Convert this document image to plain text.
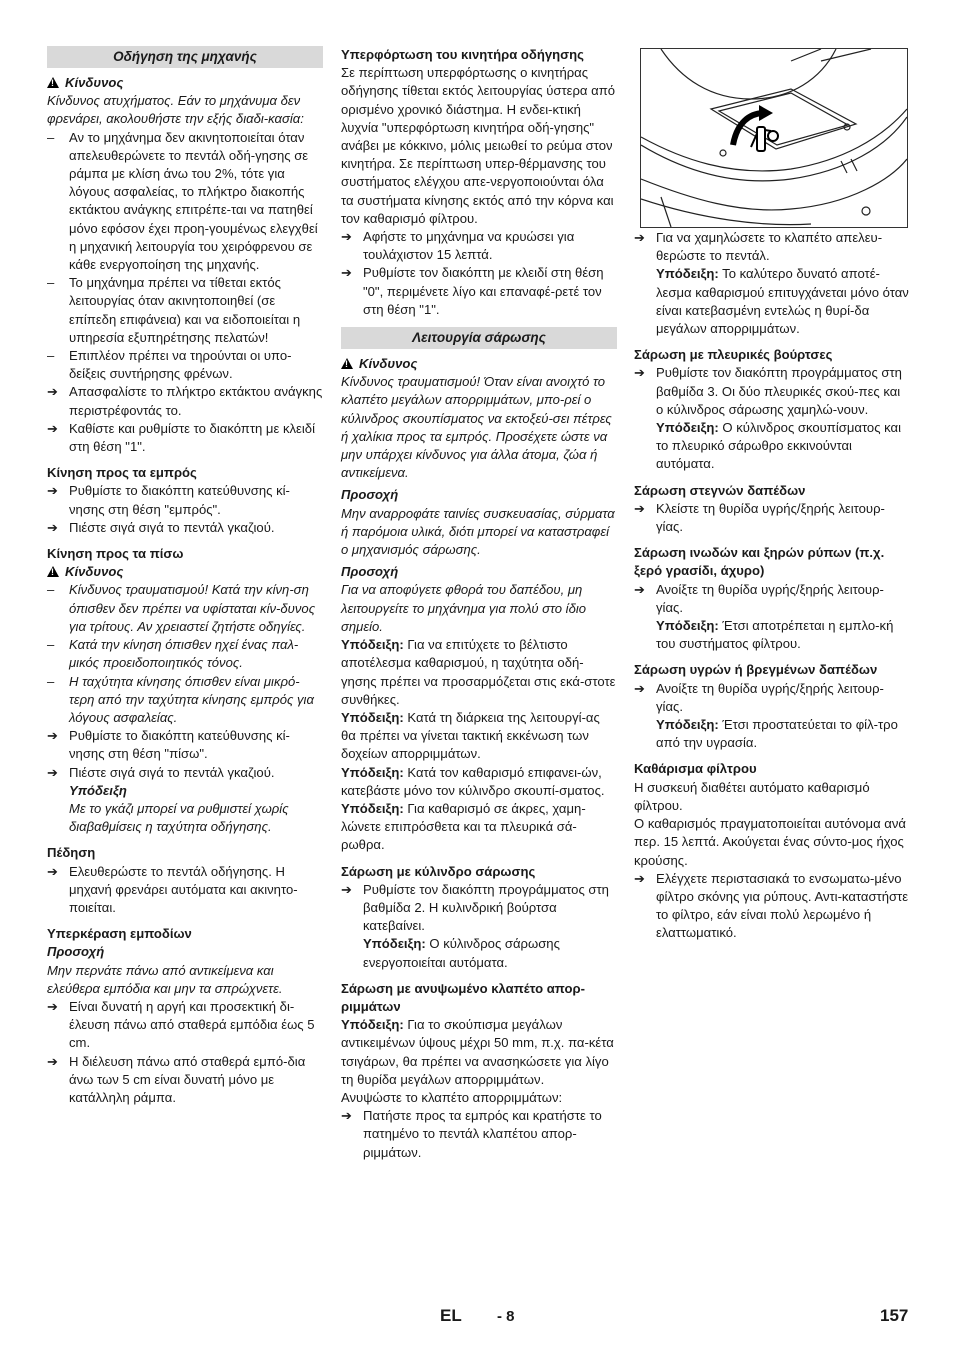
Οδήγηση της μηχανής
!Κίνδυνος
Κίνδυνος ατυχήματος. Εάν το μηχάνυμα δεν φρενάρει, ακολουθήστε την εξής διαδι-κασία:
–	Αν το μηχάνημα δεν ακινητοποιείται όταν απελευθερώνετε το πεντάλ οδή-γησης σε ράμπα με κλίση άνω του 2%, τότε για λόγους ασφαλείας, το πλήκτρο διακοπής εκτάκτου ανάγκης επιτρέπε-ται να πατηθεί μόνο εφόσον έχει προη-γουμένως ελεγχθεί η μηχανική λειτουργία του χειρόφρενου σε κάθε ενεργοποίηση της μηχανής.
–	Το μηχάνημα πρέπει να τίθεται εκτός λειτουργίας όταν ακινητοποιηθεί (σε επίπεδη επιφάνεια) και να ειδοποιείται η υπηρεσία εξυπηρέτησης πελατών!
–	Επιπλέον πρέπει να τηρούνται οι υπο-δείξεις συντήρησης φρένων.
➔ Απασφαλίστε το πλήκτρο εκτάκτου ανάγκης περιστρέφοντάς το.
➔ Καθίστε και ρυθμίστε το διακόπτη με κλειδί στη θέση "1".
Κίνηση προς τα εμπρός
➔ Ρυθμίστε το διακόπτη κατεύθυνσης κί-νησης στη θέση "εμπρός".
➔ Πιέστε σιγά σιγά το πεντάλ γκαζιού.
Κίνηση προς τα πίσω
!Κίνδυνος
–	Κίνδυνος τραυματισμού! Κατά την κίνη-ση όπισθεν δεν πρέπει να υφίσταται κίν-δυνος για τρίτους. Αν χρειαστεί ζητήστε οδηγίες.
–	Κατά την κίνηση όπισθεν ηχεί ένας παλ-μικός προειδοποιητικός τόνος.
–	Η ταχύτητα κίνησης όπισθεν είναι μικρό-τερη από την ταχύτητα κίνησης εμπρός για λόγους ασφαλείας.
➔ Ρυθμίστε το διακόπτη κατεύθυνσης κί-νησης στη θέση "πίσω".
➔ Πιέστε σιγά σιγά το πεντάλ γκαζιού.
Υπόδειξη
Με το γκάζι μπορεί να ρυθμιστεί χωρίς διαβαθμίσεις η ταχύτητα οδήγησης.
Πέδηση
➔ Ελευθερώστε το πεντάλ οδήγησης. Η μηχανή φρενάρει αυτόματα και ακινητο-ποιείται.
Υπερκέραση εμποδίων
Προσοχή
Μην περνάτε πάνω από αντικείμενα και ελεύθερα εμπόδια και μην τα σπρώχνετε.
➔ Είναι δυνατή η αργή και προσεκτική δι-έλευση πάνω από σταθερά εμπόδια έως 5 cm.
➔ Η διέλευση πάνω από σταθερά εμπό-δια άνω των 5 cm είναι δυνατή μόνο με κατάλληλη ράμπα.
Υπερφόρτωση του κινητήρα οδήγησης
Σε περίπτωση υπερφόρτωσης ο κινητήρας οδήγησης τίθεται εκτός λειτουργίας ύστερα από ορισμένο χρονικό διάστημα. Η ενδει-κτική λυχνία "υπερφόρτωση κινητήρα οδή-γησης" ανάβει με κόκκινο, μόλις μειωθεί το ρεύμα στον κινητήρα. Σε περίπτωση υπερ-θέρμανσης του συστήματος ελέγχου απε-νεργοποιούνται όλα τα συστήματα κίνησης εκτός από την κόρνα και τον καθαρισμό φίλτρου.
➔ Αφήστε το μηχάνημα να κρυώσει για τουλάχιστον 15 λεπτά.
➔ Ρυθμίστε τον διακόπτη με κλειδί στη θέση "0", περιμένετε λίγο και επαναφέ-ρετέ τον στη θέση "1".
Λειτουργία σάρωσης
!Κίνδυνος
Κίνδυνος τραυματισμού! Όταν είναι ανοιχτό το κλαπέτο μεγάλων απορριμμάτων, μπο-ρεί ο κύλινδρος σκουπίσματος να εκτοξεύ-σει πέτρες ή χαλίκια προς τα εμπρός. Προσέχετε ώστε να μην υπάρχει κίνδυνος για άλλα άτομα, ζώα ή αντικείμενα.
Προσοχή
Μην αναρροφάτε ταινίες συσκευασίας, σύρματα ή παρόμοια υλικά, διότι μπορεί να καταστραφεί ο μηχανισμός σάρωσης.
Προσοχή
Για να αποφύγετε φθορά του δαπέδου, μη λειτουργείτε το μηχάνημα για πολύ στο ίδιο σημείο.
Υπόδειξη: Για να επιτύχετε το βέλτιστο αποτέλεσμα καθαρισμού, η ταχύτητα οδή-γησης πρέπει να προσαρμόζεται στις εκά-στοτε συνθήκες.
Υπόδειξη: Κατά τη διάρκεια της λειτουργί-ας θα πρέπει να γίνεται τακτική εκκένωση των δοχείων απορριμμάτων.
Υπόδειξη: Κατά τον καθαρισμό επιφανει-ών, κατεβάστε μόνο τον κύλινδρο σκουπί-σματος.
Υπόδειξη: Για καθαρισμό σε άκρες, χαμη-λώνετε επιπρόσθετα και τα πλευρικά σά-ρωθρα.
Σάρωση με κύλινδρο σάρωσης
➔ Ρυθμίστε τον διακόπτη προγράμματος στη βαθμίδα 2. Η κυλινδρική βούρτσα κατεβαίνει.
Υπόδειξη: Ο κύλινδρος σάρωσης ενεργοποιείται αυτόματα.
Σάρωση με ανυψωμένο κλαπέτο απορ-ριμμάτων
Υπόδειξη: Για το σκούπισμα μεγάλων αντικειμένων ύψους μέχρι 50 mm, π.χ. πα-κέτα τσιγάρων, θα πρέπει να ανασηκώσετε για λίγο τη θυρίδα μεγάλων απορριμμάτων.
Ανυψώστε το κλαπέτο απορριμμάτων:
➔ Πατήστε προς τα εμπρός και κρατήστε το πατημένο το πεντάλ κλαπέτου απορ-ριμμάτων.
➔ Για να χαμηλώσετε το κλαπέτο απελευ-θερώστε το πεντάλ.
Υπόδειξη: Το καλύτερο δυνατό αποτέ-λεσμα καθαρισμού επιτυγχάνεται μόνο όταν είναι κατεβασμένη εντελώς η θυρί-δα μεγάλων απορριμμάτων.
Σάρωση με πλευρικές βούρτσες
➔ Ρυθμίστε τον διακόπτη προγράμματος στη βαθμίδα 3. Οι δύο πλευρικές σκού-πες και ο κύλινδρος σάρωσης χαμηλώ-νουν.
Υπόδειξη: Ο κύλινδρος σκουπίσματος και το πλευρικό σάρωθρο εκκινούνται αυτόματα.
Σάρωση στεγνών δαπέδων
➔ Κλείστε τη θυρίδα υγρής/ξηρής λειτουρ-γίας.
Σάρωση ινωδών και ξηρών ρύπων (π.χ. ξερό γρασίδι, άχυρο)
➔ Ανοίξτε τη θυρίδα υγρής/ξηρής λειτουρ-γίας.
Υπόδειξη: Έτσι αποτρέπεται η εμπλο-κή του συστήματος φίλτρου.
Σάρωση υγρών ή βρεγμένων δαπέδων
➔ Ανοίξτε τη θυρίδα υγρής/ξηρής λειτουρ-γίας.
Υπόδειξη: Έτσι προστατεύεται το φίλ-τρο από την υγρασία.
Καθάρισμα φίλτρου
Η συσκευή διαθέτει αυτόματο καθαρισμό φίλτρου.
Ο καθαρισμός πραγματοποιείται αυτόνομα ανά περ. 15 λεπτά. Ακούγεται ένας σύντο-μος ήχος κρούσης.
➔ Ελέγχετε περιστασιακά το ενσωματω-μένο φίλτρο σκόνης για ρύπους. Αντι-καταστήστε το φίλτρο, εάν είναι πολύ λερωμένο ή ελαττωματικό.
EL - 8	157
